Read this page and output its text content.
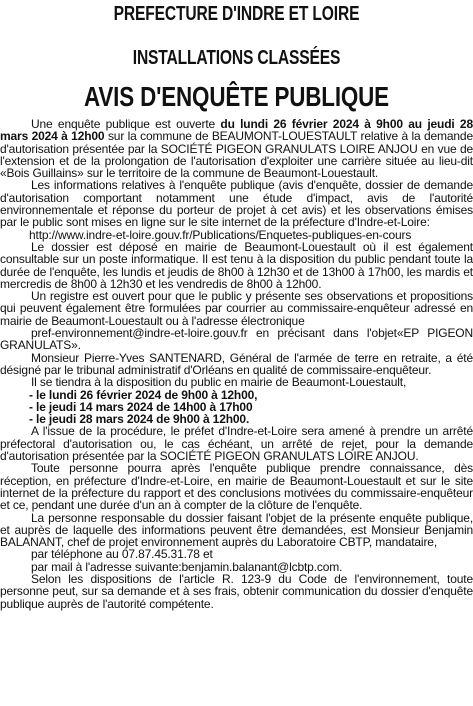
PREFECTURE D'INDRE ET LOIRE
INSTALLATIONS CLASSÉES
AVIS D'ENQUÊTE PUBLIQUE

Une enquête publique est ouverte du lundi 26 février 2024 à 9h00 au jeudi 28 mars 2024 à 12h00 sur la commune de BEAUMONT-LOUESTAULT relative à la demande d'autorisation présentée par la SOCIÉTÉ PIGEON GRANULATS LOIRE ANJOU en vue de l'extension et de la prolongation de l'autorisation d'exploiter une carrière située au lieu-dit «Bois Guillains» sur le territoire de la commune de Beaumont-Louestault.

Les informations relatives à l'enquête publique (avis d'enquête, dossier de demande d'autorisation comportant notamment une étude d'impact, avis de l'autorité environnementale et réponse du porteur de projet à cet avis) et les observations émises par le public sont mises en ligne sur le site internet de la préfecture d'Indre-et-Loire:

http://www.indre-et-loire.gouv.fr/Publications/Enquetes-publiques-en-cours

Le dossier est déposé en mairie de Beaumont-Louestault où il est également consultable sur un poste informatique. Il est tenu à la disposition du public pendant toute la durée de l'enquête, les lundis et jeudis de 8h00 à 12h30 et de 13h00 à 17h00, les mardis et mercredis de 8h00 à 12h30 et les vendredis de 8h00 à 12h00.

Un registre est ouvert pour que le public y présente ses observations et propositions qui peuvent également être formulées par courrier au commissaire-enquêteur adressé en mairie de Beaumont-Louestault ou à l'adresse électronique

pref-environnement@indre-et-loire.gouv.fr en précisant dans l'objet«EP PIGEON GRANULATS».

Monsieur Pierre-Yves SANTENARD, Général de l'armée de terre en retraite, a été désigné par le tribunal administratif d'Orléans en qualité de commissaire-enquêteur.

Il se tiendra à la disposition du public en mairie de Beaumont-Louestault,

- le lundi 26 février 2024 de 9h00 à 12h00,

- le jeudi 14 mars 2024 de 14h00 à 17h00

- le jeudi 28 mars 2024 de 9h00 à 12h00.

A l'issue de la procédure, le préfet d'Indre-et-Loire sera amené à prendre un arrêté préfectoral d'autorisation ou, le cas échéant, un arrêté de rejet, pour la demande d'autorisation présentée par la SOCIÉTÉ PIGEON GRANULATS LOIRE ANJOU.

Toute personne pourra après l'enquête publique prendre connaissance, dès réception, en préfecture d'Indre-et-Loire, en mairie de Beaumont-Louestault et sur le site internet de la préfecture du rapport et des conclusions motivées du commissaire-enquêteur et ce, pendant une durée d'un an à compter de la clôture de l'enquête.

La personne responsable du dossier faisant l'objet de la présente enquête publique, et auprès de laquelle des informations peuvent être demandées, est Monsieur Benjamin BALANANT, chef de projet environnement auprès du Laboratoire CBTP, mandataire,

par téléphone au 07.87.45.31.78 et

par mail à l'adresse suivante:benjamin.balanant@lcbtp.com.

Selon les dispositions de l'article R. 123-9 du Code de l'environnement, toute personne peut, sur sa demande et à ses frais, obtenir communication du dossier d'enquête publique auprès de l'autorité compétente.
